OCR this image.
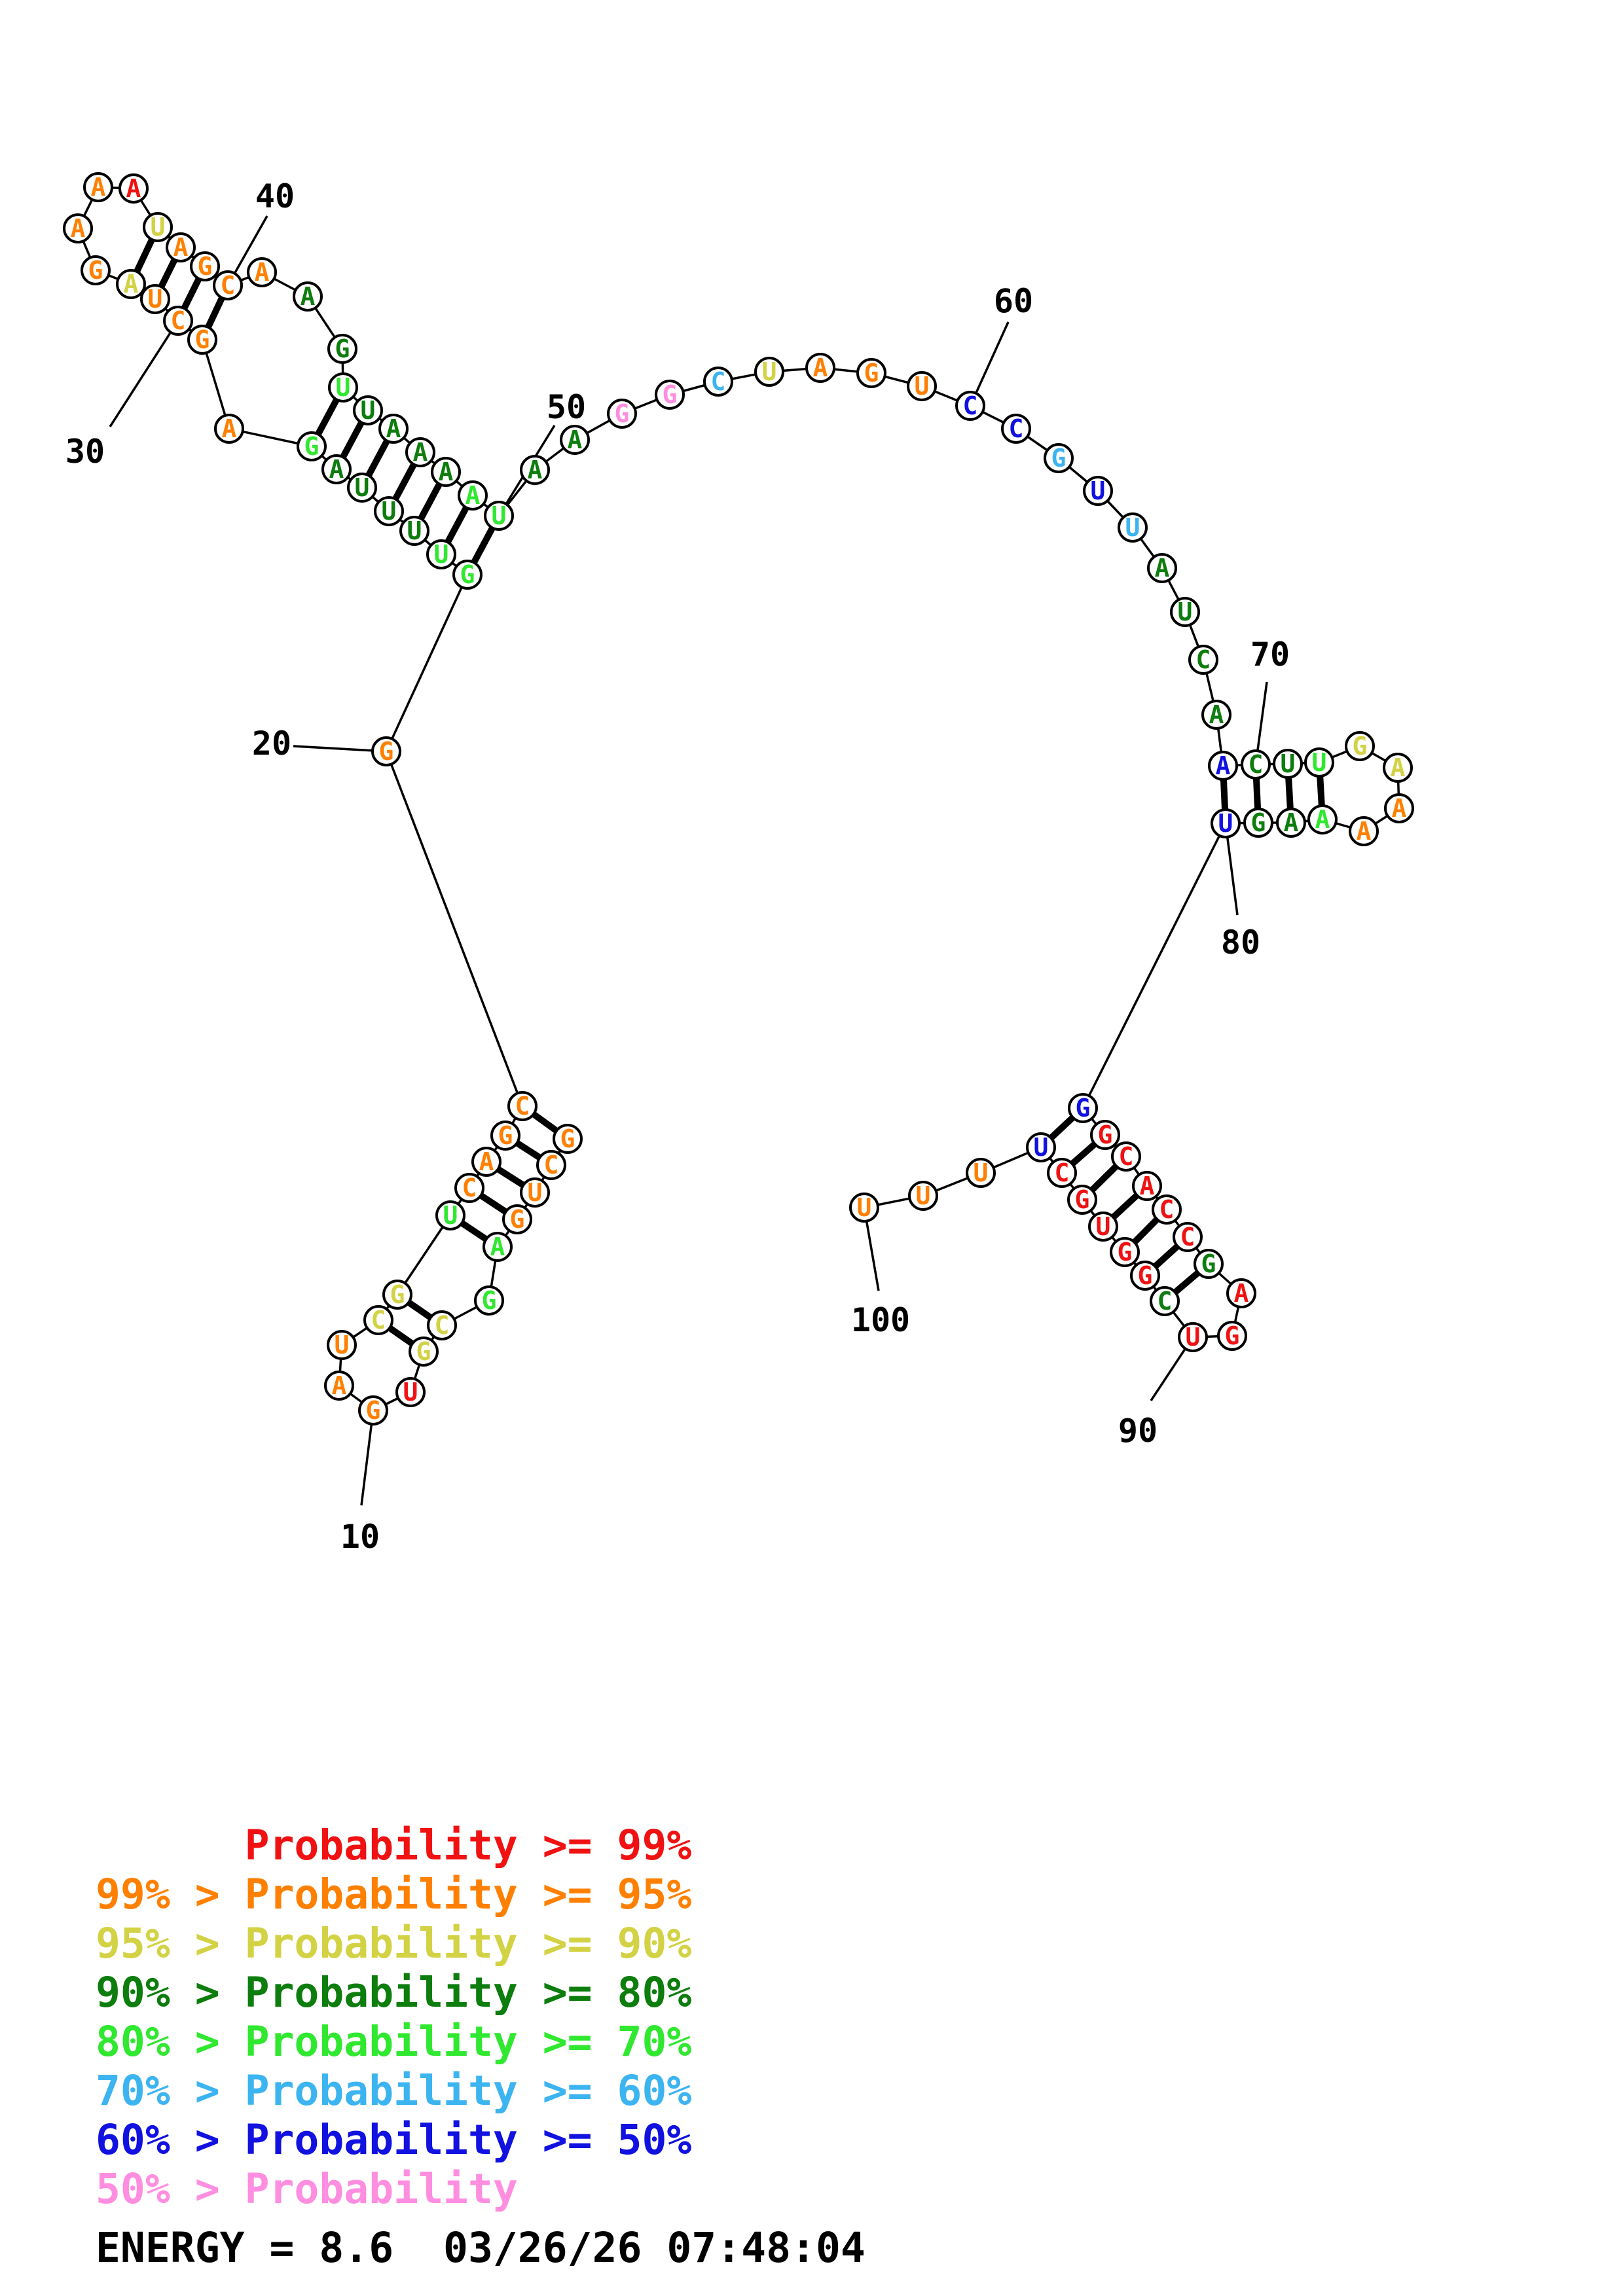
G
C
U
G
A
G
C
G
U
G
A
U
C
G
U
C
A
G
C
G
G
U
U
U
U
A
G
A
G
C
U
A
G
A
A A
U
A
G
C A
A
G
U
U
A
A
A
A
U
A
A
G
G C U A G U
C
C
G
U
U
A
U
C
A
A C U U
G
A
A
A
A
A
G
U
G
G
C
A
C
C
G
A
G
U
C
G
G
U
G
C
U
U
U
U
10
20
30
40
50
60
70
80
90
100
Probability >= 99%
99% > Probability >= 95%
95% > Probability >= 90%
90% > Probability >= 80%
80% > Probability >= 70%
70% > Probability >= 60%
60% > Probability >= 50%
50% > Probability
ENERGY = 8.6  03/26/26 07:48:04
